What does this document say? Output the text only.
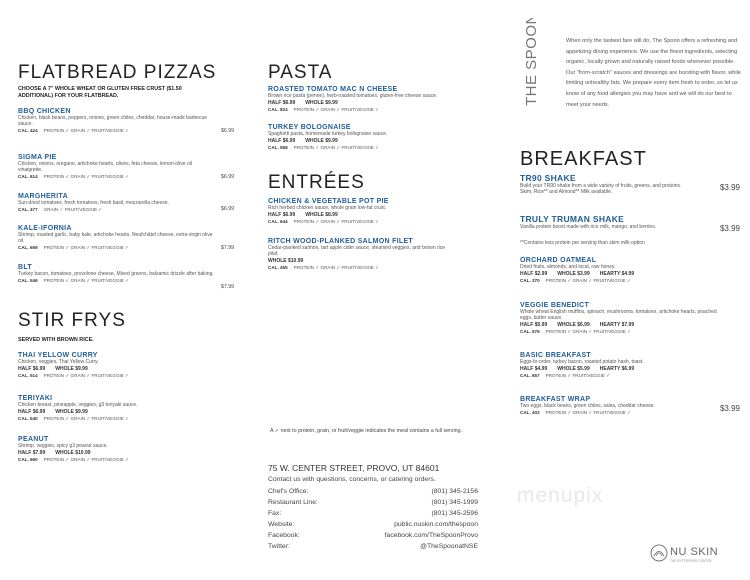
FLATBREAD PIZZAS
CHOOSE A 7" WHOLE WHEAT OR GLUTEN FREE CRUST ($1.50 ADDITIONAL) FOR YOUR FLATBREAD.
BBQ CHICKEN
Chicken, black beans, peppers, onions, green chiles, cheddar, house-made barbecue sauce.
$6.99
CAL. 424 PROTEIN ✓ GRAIN ✓ FRUIT/VEGGIE ✓
SIGMA PIE
Chicken, onions, oregano, artichoke hearts, olives, feta cheese, lemon-olive oil vinaigrette.
$6.99
CAL. 614 PROTEIN ✓ GRAIN ✓ FRUIT/VEGGIE ✓
MARGHERITA
Sun-dried tomatoes, fresh tomatoes, fresh basil, mozzarella cheese.
$6.99
CAL. 477 GRAIN ✓ FRUIT/VEGGIE ✓
KALE-IFORNIA
Shrimp, roasted garlic, baby kale, artichoke hearts, Neufchâtel cheese, extra-virgin olive oil.
$7.99
CAL. 659 PROTEIN ✓ GRAIN ✓ FRUIT/VEGGIE ✓
BLT
Turkey bacon, tomatoes, provolone cheese, Mixed greens, balsamic drizzle after baking.
$7.99
CAL. 546 PROTEIN ✓ GRAIN ✓ FRUIT/VEGGIE ✓
STIR FRYS
SERVED WITH BROWN RICE.
THAI YELLOW CURRY
Chicken, veggies, Thai Yellow Curry.
HALF $6.99 WHOLE $9.99
CAL. 514 PROTEIN ✓ GRAIN ✓ FRUIT/VEGGIE ✓
TERIYAKI
Chicken breast, pineapple, veggies, g3 teriyaki sauce.
HALF $6.99 WHOLE $9.99
CAL. 540 PROTEIN ✓ GRAIN ✓ FRUIT/VEGGIE ✓
PEANUT
Shrimp, veggies, spicy g3 peanut sauce.
HALF $7.99 WHOLE $10.99
CAL. 660 PROTEIN ✓ GRAIN ✓ FRUIT/VEGGIE ✓
PASTA
ROASTED TOMATO MAC N CHEESE
Brown rice pasta (penne), herb-roasted tomatoes, gluten-free cheese sauce.
HALF $6.99 WHOLE $9.99
CAL. 824 PROTEIN ✓ GRAIN ✓ FRUIT/VEGGIE ✓
TURKEY BOLOGNAISE
Spaghetti pasta, homemade turkey bolognaise sauce.
HALF $6.99 WHOLE $9.99
CAL. 558 PROTEIN ✓ GRAIN ✓ FRUIT/VEGGIE ✓
ENTRÉES
CHICKEN & VEGETABLE POT PIE
Rich herbed chicken sauce, whole grain low-fat crust.
HALF $6.99 WHOLE $8.99
CAL. 644 PROTEIN ✓ GRAIN ✓ FRUIT/VEGGIE ✓
RITCH WOOD-PLANKED SALMON FILET
Cedar-planked salmon, tart apple cider sauce, steamed veggies, and brown rice pilaf.
WHOLE $10.99
CAL. 455 PROTEIN ✓ GRAIN ✓ FRUIT/VEGGIE ✓
A ✓ next to protein, grain, or fruit/veggie indicates the meal contains a full serving.
75 W. CENTER STREET, PROVO, UT 84601
Contact us with questions, concerns, or catering orders.
Chef's Office:	(801) 345-2156
Restaurant Line:	(801) 345-1999
Fax:	(801) 345-2596
Website:	public.nuskin.com/thespoon
Facebook:	facebook.com/TheSpoonProvo
Twitter:	@TheSpoonatNSE
THE SPOON	When only the tastiest fare will do, The Spoon offers a refreshing and appetizing dining experience. We use the finest ingredients, selecting organic, locally grown and naturally raised foods whenever possible. Our "from-scratch" sauces and dressings are bursting with flavor, while limiting unhealthy fats. We prepare every item fresh to order, so let us know of any food allergies you may have and we will do our best to meet your needs.
BREAKFAST
TR90 SHAKE
Build your TR90 shake from a wide variety of fruits, greens, and proteins. Skim, Rice** and Almond** Milk available.
$3.99
TRULY TRUMAN SHAKE
Vanilla protein boost made with rice milk, mango, and berries.	$3.99
**Contains less protein per serving than skim milk option
ORCHARD OATMEAL
Dried fruits, almonds, and local, raw honey.
HALF $2.99 WHOLE $3.99 HEARTY $4.99
CAL. 370 PROTEIN ✓ GRAIN ✓ FRUIT/VEGGIE ✓
VEGGIE BENEDICT
Whole wheat English muffins, spinach, mushrooms, tomatoes, artichoke hearts, poached eggs, butter sauce.
HALF $5.99 WHOLE $6.99 HEARTY $7.99
CAL. 576 PROTEIN ✓ GRAIN ✓ FRUIT/VEGGIE ✓
BASIC BREAKFAST
Eggs-to-order, turkey bacon, roasted potato hash, toast.
HALF $4.99 WHOLE $5.99 HEARTY $6.99
CAL. 657 PROTEIN ✓ FRUIT/VEGGIE ✓
BREAKFAST WRAP
Two eggs, black beans, green chiles, salsa, cheddar cheese.	$3.99
CAL. 402 PROTEIN ✓ GRAIN ✓ FRUIT/VEGGIE ✓
menupix
NU SKIN
THE ENTERPRISE CENTER
